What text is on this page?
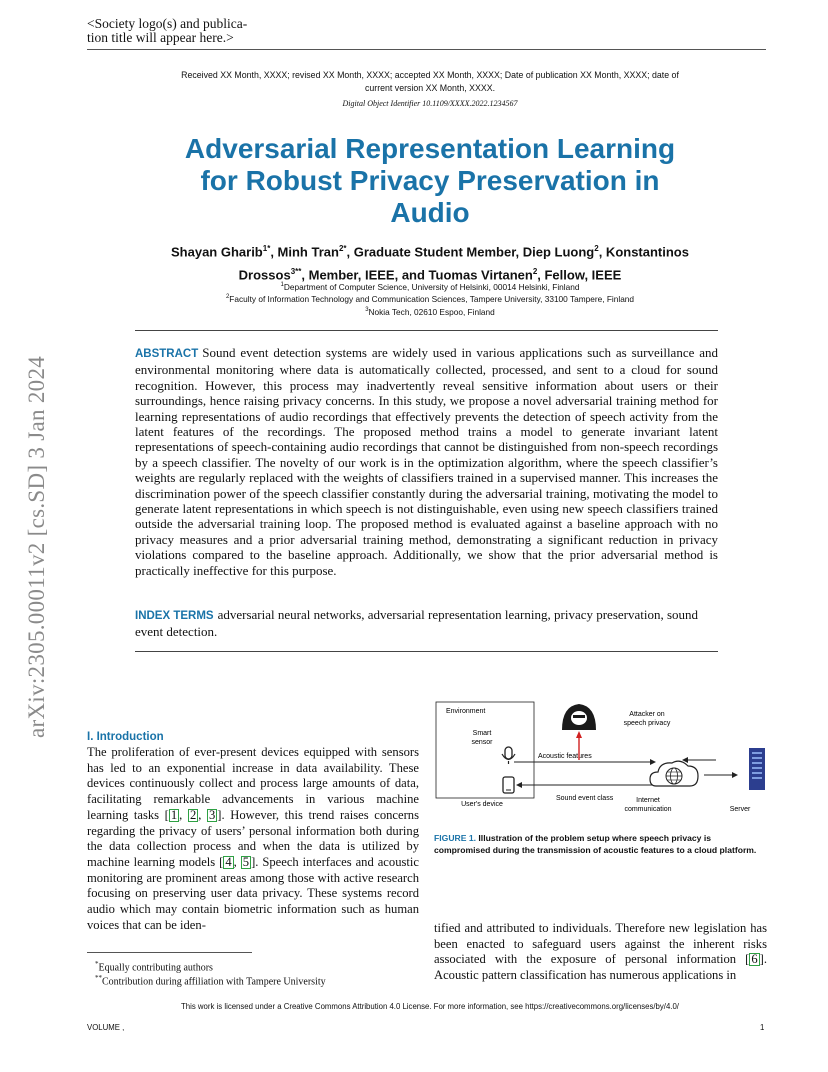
<Society logo(s) and publica-
tion title will appear here.>
Received XX Month, XXXX; revised XX Month, XXXX; accepted XX Month, XXXX; Date of publication XX Month, XXXX; date of
current version XX Month, XXXX.
Digital Object Identifier 10.1109/XXXX.2022.1234567
Adversarial Representation Learning
for Robust Privacy Preservation in
Audio
Shayan Gharib$^{1*}$, Minh Tran$^{2*}$, Graduate Student Member, Diep Luong$^2$, Konstantinos Drossos$^{3**}$, Member, IEEE, and Tuomas Virtanen$^2$, Fellow, IEEE
$^1$Department of Computer Science, University of Helsinki, 00014 Helsinki, Finland
$^2$Faculty of Information Technology and Communication Sciences, Tampere University, 33100 Tampere, Finland
$^3$Nokia Tech, 02610 Espoo, Finland
ABSTRACT Sound event detection systems are widely used in various applications such as surveillance and environmental monitoring where data is automatically collected, processed, and sent to a cloud for sound recognition. However, this process may inadvertently reveal sensitive information about users or their surroundings, hence raising privacy concerns. In this study, we propose a novel adversarial training method for learning representations of audio recordings that effectively prevents the detection of speech activity from the latent features of the recordings. The proposed method trains a model to generate invariant latent representations of speech-containing audio recordings that cannot be distinguished from non-speech recordings by a speech classifier. The novelty of our work is in the optimization algorithm, where the speech classifier’s weights are regularly replaced with the weights of classifiers trained in a supervised manner. This increases the discrimination power of the speech classifier constantly during the adversarial training, motivating the model to generate latent representations in which speech is not distinguishable, even using new speech classifiers trained outside the adversarial training loop. The proposed method is evaluated against a baseline approach with no privacy measures and a prior adversarial training method, demonstrating a significant reduction in privacy violations compared to the baseline approach. Additionally, we show that the prior adversarial method is practically ineffective for this purpose.
INDEX TERMS adversarial neural networks, adversarial representation learning, privacy preservation, sound event detection.
arXiv:2305.00011v2 [cs.SD] 3 Jan 2024	I. Introduction
The proliferation of ever-present devices equipped with sensors has led to an exponential increase in data availability. These devices continuously collect and process large amounts of data, facilitating remarkable advancements in various machine learning tasks [ 1 , 2 , 3 ]. However, this trend raises concerns regarding the privacy of users’ personal information both during the data collection process and when the data is utilized by machine learning models [ 4 , 5 ]. Speech interfaces and acoustic monitoring are prominent areas among those with active research focusing on preserving user data privacy. These systems record audio which may contain biometric information such as human voices that can be iden-
*Equally contributing authors
**Contribution during affiliation with Tampere University
Environment
Smart
sensor
User's device
Acoustic features
Attacker on
speech privacy
Sound event class	Internet
communication	Server
FIGURE 1. Illustration of the problem setup where speech privacy is compromised during the transmission of acoustic features to a cloud platform.
tified and attributed to individuals. Therefore new legislation has been enacted to safeguard users against the inherent risks associated with the exposure of personal information [ 6 ]. Acoustic pattern classification has numerous applications in
This work is licensed under a Creative Commons Attribution 4.0 License. For more information, see https://creativecommons.org/licenses/by/4.0/
VOLUME ,	1
